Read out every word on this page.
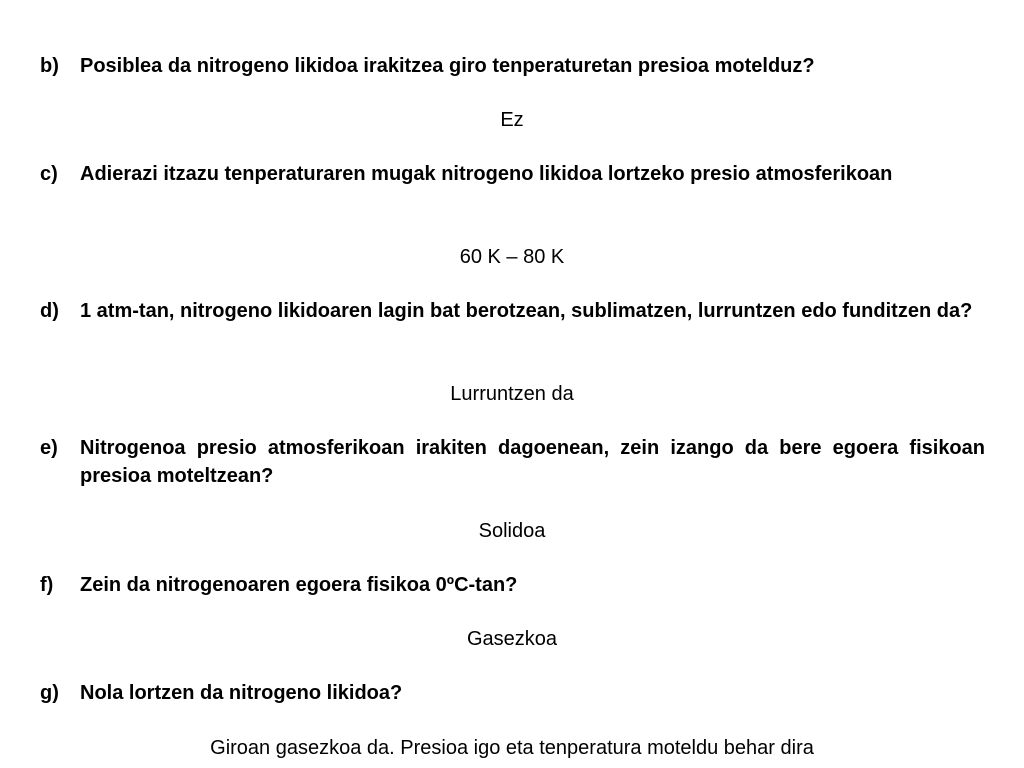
b)	Posiblea da nitrogeno likidoa irakitzea giro tenperaturetan presioa motelduz?
Ez
c)	Adierazi itzazu tenperaturaren mugak nitrogeno likidoa lortzeko presio atmosferikoan
60 K – 80 K
d)	1 atm-tan, nitrogeno likidoaren lagin bat berotzean, sublimatzen, lurruntzen edo funditzen da?
Lurruntzen da
e)	Nitrogenoa presio atmosferikoan irakiten dagoenean, zein izango da bere egoera fisikoan presioa moteltzean?
Solidoa
f)	Zein da nitrogenoaren egoera fisikoa 0ºC-tan?
Gasezkoa
g)	Nola lortzen da nitrogeno likidoa?
Giroan gasezkoa da. Presioa igo eta tenperatura moteldu behar dira
